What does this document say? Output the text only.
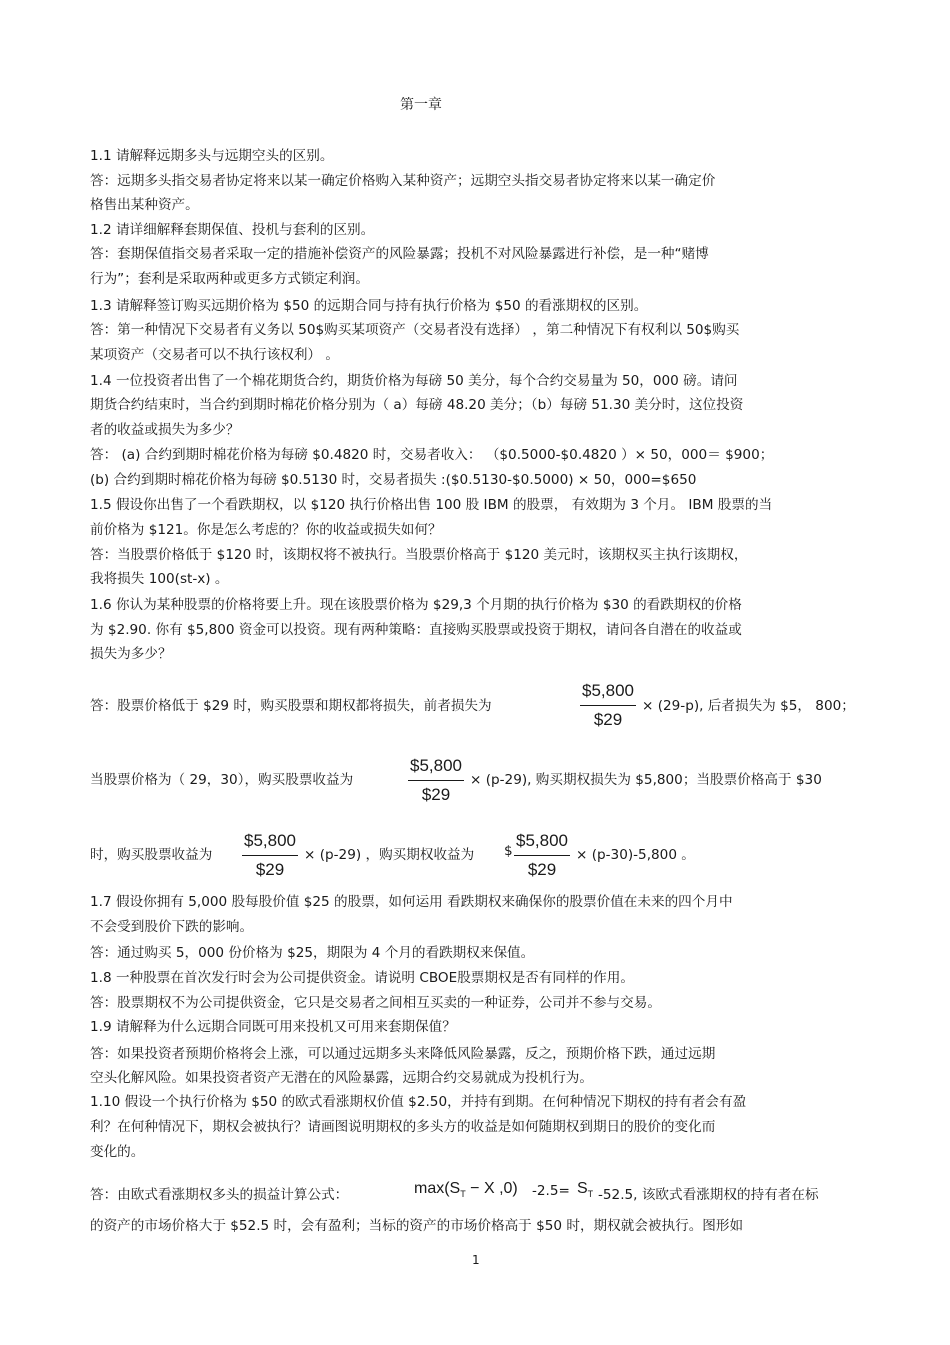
第一章
1.1 请解释远期多头与远期空头的区别。
答：远期多头指交易者协定将来以某一确定价格购入某种资产；远期空头指交易者协定将来以某一确定价
格售出某种资产。
1.2 请详细解释套期保值、投机与套利的区别。
答：套期保值指交易者采取一定的措施补偿资产的风险暴露；投机不对风险暴露进行补偿，是一种“赌博
行为”；套利是采取两种或更多方式锁定利润。
1.3 请解释签订购买远期价格为 $50 的远期合同与持有执行价格为 $50 的看涨期权的区别。
答：第一种情况下交易者有义务以 50$购买某项资产（交易者没有选择） ，第二种情况下有权利以 50$购买
某项资产（交易者可以不执行该权利） 。
1.4 一位投资者出售了一个棉花期货合约，期货价格为每磅 50 美分，每个合约交易量为 50，000 磅。请问
期货合约结束时，当合约到期时棉花价格分别为（ a）每磅 48.20 美分；（b）每磅 51.30 美分时，这位投资
者的收益或损失为多少？
答： (a) 合约到期时棉花价格为每磅 $0.4820 时，交易者收入： （$0.5000-$0.4820 ）× 50，000＝ $900；
(b) 合约到期时棉花价格为每磅 $0.5130 时，交易者损失 :($0.5130-$0.5000) × 50，000=$650
1.5 假设你出售了一个看跌期权，以 $120 执行价格出售 100 股 IBM 的股票， 有效期为 3 个月。 IBM 股票的当
前价格为 $121。你是怎么考虑的？你的收益或损失如何？
答：当股票价格低于 $120 时，该期权将不被执行。当股票价格高于 $120 美元时，该期权买主执行该期权，
我将损失 100(st-x) 。
1.6 你认为某种股票的价格将要上升。现在该股票价格为 $29,3 个月期的执行价格为 $30 的看跌期权的价格
为 $2.90. 你有 $5,800 资金可以投资。现有两种策略：直接购买股票或投资于期权，请问各自潜在的收益或
损失为多少？
答：股票价格低于 $29 时，购买股票和期权都将损失，前者损失为	$\frac{\$5,800}{\$29} \times (29-p)$, 后者损失为 $5， 800；
当股票价格为（ 29，30），购买股票收益为	$\frac{\$5,800}{\$29} \times (p-29)$, 购买期权损失为 $5,800；当股票价格高于 $30
时，购买股票收益为 $\frac{\$5,800}{\$29} \times (p-29)$ ，购买期权收益为 $ $\frac{\$5,800}{\$29} \times (p-30)-5,800$ 。
1.7 假设你拥有 5,000 股每股价值 $25 的股票，如何运用 看跌期权来确保你的股票价值在未来的四个月中
不会受到股价下跌的影响。
答：通过购买 5，000 份价格为 $25，期限为 4 个月的看跌期权来保值。
1.8 一种股票在首次发行时会为公司提供资金。请说明 CBOE股票期权是否有同样的作用。
答：股票期权不为公司提供资金，它只是交易者之间相互买卖的一种证券，公司并不参与交易。
1.9 请解释为什么远期合同既可用来投机又可用来套期保值？
答：如果投资者预期价格将会上涨，可以通过远期多头来降低风险暴露，反之，预期价格下跌，通过远期
空头化解风险。如果投资者资产无潜在的风险暴露，远期合约交易就成为投机行为。
1.10 假设一个执行价格为 $50 的欧式看涨期权价值 $2.50，并持有到期。在何种情况下期权的持有者会有盈
利？在何种情况下，期权会被执行？请画图说明期权的多头方的收益是如何随期权到期日的股价的变化而
变化的。
答：由欧式看涨期权多头的损益计算公式：	$\max(S_T - X$ ,0) $-2.5= S_T$ -52.5, 该欧式看涨期权的持有者在标
的资产的市场价格大于 $52.5 时，会有盈利；当标的资产的市场价格高于 $50 时，期权就会被执行。图形如
1
